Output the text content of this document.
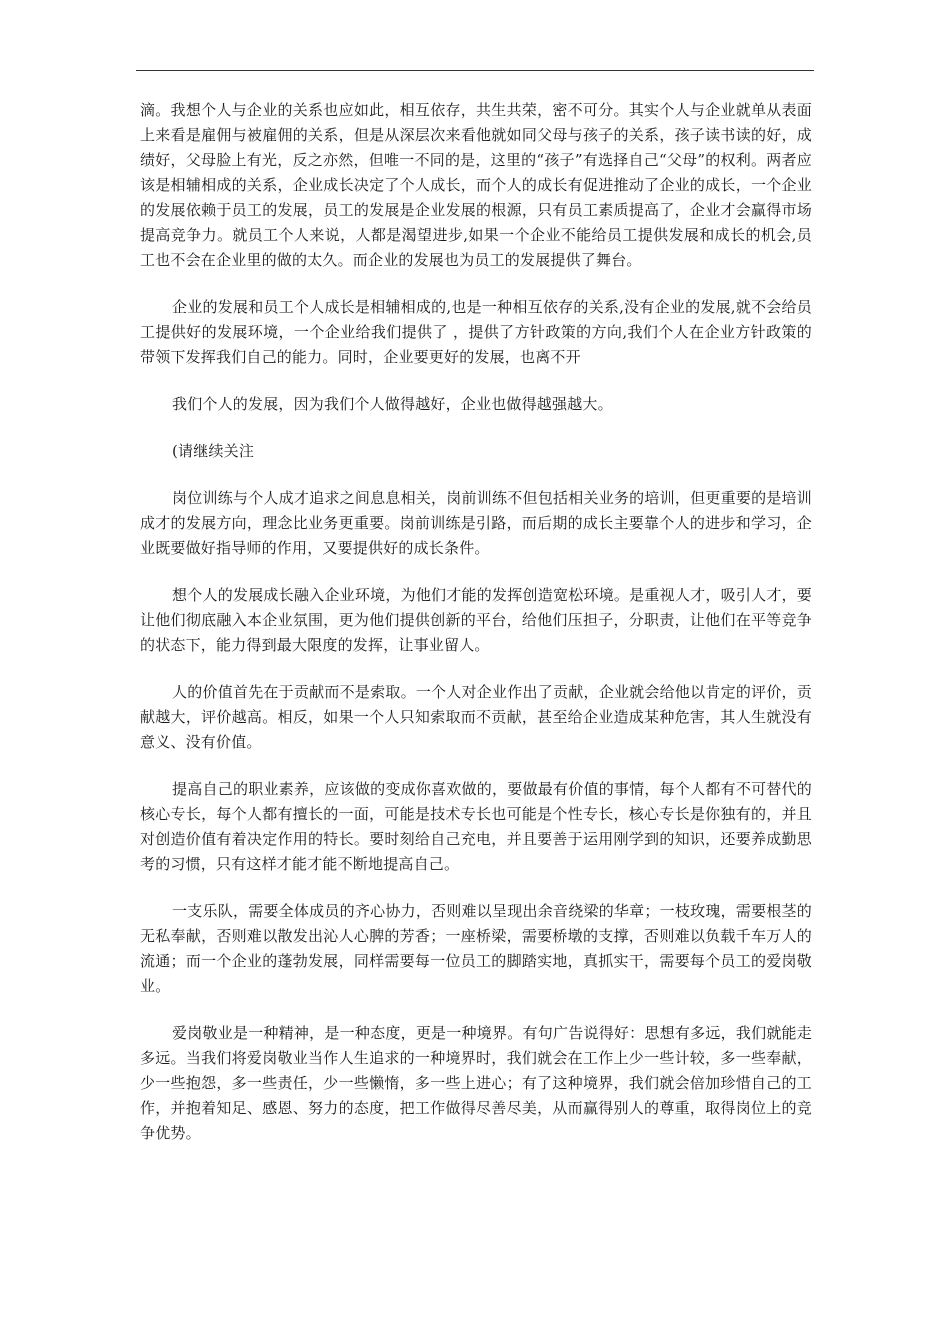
滴。我想个人与企业的关系也应如此，相互依存，共生共荣，密不可分。其实个人与企业就单从表面上来看是雇佣与被雇佣的关系，但是从深层次来看他就如同父母与孩子的关系，孩子读书读的好，成绩好，父母脸上有光，反之亦然，但唯一不同的是，这里的“孩子”有选择自己“父母”的权利。两者应该是相辅相成的关系，企业成长决定了个人成长，而个人的成长有促进推动了企业的成长，一个企业的发展依赖于员工的发展，员工的发展是企业发展的根源，只有员工素质提高了，企业才会赢得市场提高竞争力。就员工个人来说，人都是渴望进步,如果一个企业不能给员工提供发展和成长的机会,员工也不会在企业里的做的太久。而企业的发展也为员工的发展提供了舞台。

企业的发展和员工个人成长是相辅相成的,也是一种相互依存的关系,没有企业的发展,就不会给员工提供好的发展环境，一个企业给我们提供了 ，提供了方针政策的方向,我们个人在企业方针政策的带领下发挥我们自己的能力。同时，企业要更好的发展，也离不开

我们个人的发展，因为我们个人做得越好，企业也做得越强越大。

(请继续关注

岗位训练与个人成才追求之间息息相关，岗前训练不但包括相关业务的培训，但更重要的是培训成才的发展方向，理念比业务更重要。岗前训练是引路，而后期的成长主要靠个人的进步和学习，企业既要做好指导师的作用，又要提供好的成长条件。

想个人的发展成长融入企业环境，为他们才能的发挥创造宽松环境。是重视人才，吸引人才，要让他们彻底融入本企业氛围，更为他们提供创新的平台，给他们压担子，分职责，让他们在平等竞争的状态下，能力得到最大限度的发挥，让事业留人。

人的价值首先在于贡献而不是索取。一个人对企业作出了贡献，企业就会给他以肯定的评价，贡献越大，评价越高。相反，如果一个人只知索取而不贡献，甚至给企业造成某种危害，其人生就没有意义、没有价值。

提高自己的职业素养，应该做的变成你喜欢做的，要做最有价值的事情，每个人都有不可替代的核心专长，每个人都有擅长的一面，可能是技术专长也可能是个性专长，核心专长是你独有的，并且对创造价值有着决定作用的特长。要时刻给自己充电，并且要善于运用刚学到的知识，还要养成勤思考的习惯，只有这样才能才能不断地提高自己。

一支乐队，需要全体成员的齐心协力，否则难以呈现出余音绕梁的华章；一枝玫瑰，需要根茎的无私奉献，否则难以散发出沁人心脾的芳香；一座桥梁，需要桥墩的支撑，否则难以负载千车万人的流通；而一个企业的蓬勃发展，同样需要每一位员工的脚踏实地，真抓实干，需要每个员工的爱岗敬业。

爱岗敬业是一种精神，是一种态度，更是一种境界。有句广告说得好：思想有多远，我们就能走多远。当我们将爱岗敬业当作人生追求的一种境界时，我们就会在工作上少一些计较，多一些奉献，少一些抱怨，多一些责任，少一些懒惰，多一些上进心；有了这种境界，我们就会倍加珍惜自己的工作，并抱着知足、感恩、努力的态度，把工作做得尽善尽美，从而赢得别人的尊重，取得岗位上的竞争优势。
